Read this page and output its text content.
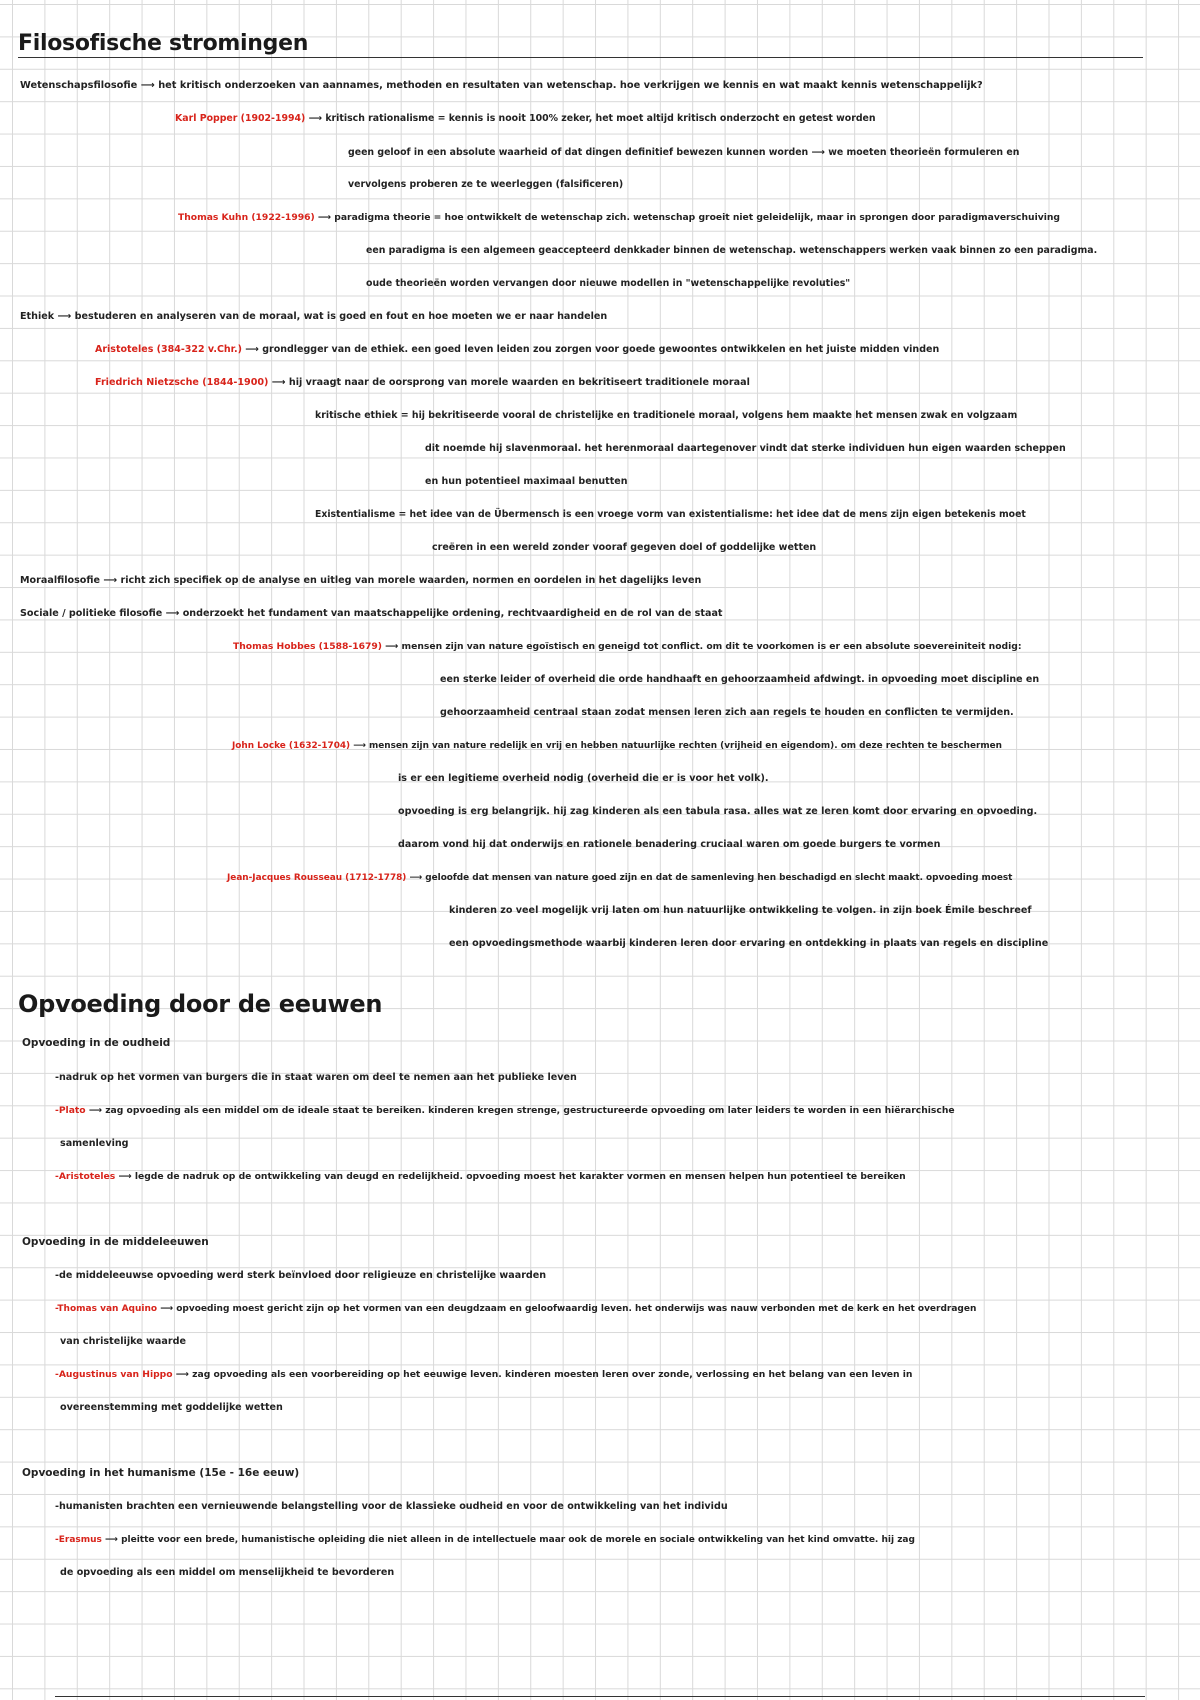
Filosofische stromingen
Wetenschapsfilosofie ⟶ het kritisch onderzoeken van aannames, methoden en resultaten van wetenschap. hoe verkrijgen we kennis en wat maakt kennis wetenschappelijk?
Karl Popper (1902-1994) ⟶ kritisch rationalisme = kennis is nooit 100% zeker, het moet altijd kritisch onderzocht en getest worden
geen geloof in een absolute waarheid of dat dingen definitief bewezen kunnen worden ⟶ we moeten theorieën formuleren en
vervolgens proberen ze te weerleggen (falsificeren)
Thomas Kuhn (1922-1996) ⟶ paradigma theorie = hoe ontwikkelt de wetenschap zich. wetenschap groeit niet geleidelijk, maar in sprongen door paradigmaverschuiving
een paradigma is een algemeen geaccepteerd denkkader binnen de wetenschap. wetenschappers werken vaak binnen zo een paradigma.
oude theorieën worden vervangen door nieuwe modellen in "wetenschappelijke revoluties"
Ethiek ⟶ bestuderen en analyseren van de moraal, wat is goed en fout en hoe moeten we er naar handelen
Aristoteles (384-322 v.Chr.) ⟶ grondlegger van de ethiek. een goed leven leiden zou zorgen voor goede gewoontes ontwikkelen en het juiste midden vinden
Friedrich Nietzsche (1844-1900) ⟶ hij vraagt naar de oorsprong van morele waarden en bekritiseert traditionele moraal
kritische ethiek = hij bekritiseerde vooral de christelijke en traditionele moraal, volgens hem maakte het mensen zwak en volgzaam
dit noemde hij slavenmoraal. het herenmoraal daartegenover vindt dat sterke individuen hun eigen waarden scheppen
en hun potentieel maximaal benutten
Existentialisme = het idee van de Übermensch is een vroege vorm van existentialisme: het idee dat de mens zijn eigen betekenis moet
creëren in een wereld zonder vooraf gegeven doel of goddelijke wetten
Moraalfilosofie ⟶ richt zich specifiek op de analyse en uitleg van morele waarden, normen en oordelen in het dagelijks leven
Sociale / politieke filosofie ⟶ onderzoekt het fundament van maatschappelijke ordening, rechtvaardigheid en de rol van de staat
Thomas Hobbes (1588-1679) ⟶ mensen zijn van nature egoïstisch en geneigd tot conflict. om dit te voorkomen is er een absolute soevereiniteit nodig:
een sterke leider of overheid die orde handhaaft en gehoorzaamheid afdwingt. in opvoeding moet discipline en
gehoorzaamheid centraal staan zodat mensen leren zich aan regels te houden en conflicten te vermijden.
John Locke (1632-1704) ⟶ mensen zijn van nature redelijk en vrij en hebben natuurlijke rechten (vrijheid en eigendom). om deze rechten te beschermen
is er een legitieme overheid nodig (overheid die er is voor het volk).
opvoeding is erg belangrijk. hij zag kinderen als een tabula rasa. alles wat ze leren komt door ervaring en opvoeding.
daarom vond hij dat onderwijs en rationele benadering cruciaal waren om goede burgers te vormen
Jean-Jacques Rousseau (1712-1778) ⟶ geloofde dat mensen van nature goed zijn en dat de samenleving hen beschadigd en slecht maakt. opvoeding moest
kinderen zo veel mogelijk vrij laten om hun natuurlijke ontwikkeling te volgen. in zijn boek Émile beschreef
een opvoedingsmethode waarbij kinderen leren door ervaring en ontdekking in plaats van regels en discipline
Opvoeding door de eeuwen
Opvoeding in de oudheid
-nadruk op het vormen van burgers die in staat waren om deel te nemen aan het publieke leven
-Plato ⟶ zag opvoeding als een middel om de ideale staat te bereiken. kinderen kregen strenge, gestructureerde opvoeding om later leiders te worden in een hiërarchische
samenleving
-Aristoteles ⟶ legde de nadruk op de ontwikkeling van deugd en redelijkheid. opvoeding moest het karakter vormen en mensen helpen hun potentieel te bereiken
Opvoeding in de middeleeuwen
-de middeleeuwse opvoeding werd sterk beïnvloed door religieuze en christelijke waarden
-Thomas van Aquino ⟶ opvoeding moest gericht zijn op het vormen van een deugdzaam en geloofwaardig leven. het onderwijs was nauw verbonden met de kerk en het overdragen
van christelijke waarde
-Augustinus van Hippo ⟶ zag opvoeding als een voorbereiding op het eeuwige leven. kinderen moesten leren over zonde, verlossing en het belang van een leven in
overeenstemming met goddelijke wetten
Opvoeding in het humanisme (15e - 16e eeuw)
-humanisten brachten een vernieuwende belangstelling voor de klassieke oudheid en voor de ontwikkeling van het individu
-Erasmus ⟶ pleitte voor een brede, humanistische opleiding die niet alleen in de intellectuele maar ook de morele en sociale ontwikkeling van het kind omvatte. hij zag
de opvoeding als een middel om menselijkheid te bevorderen
